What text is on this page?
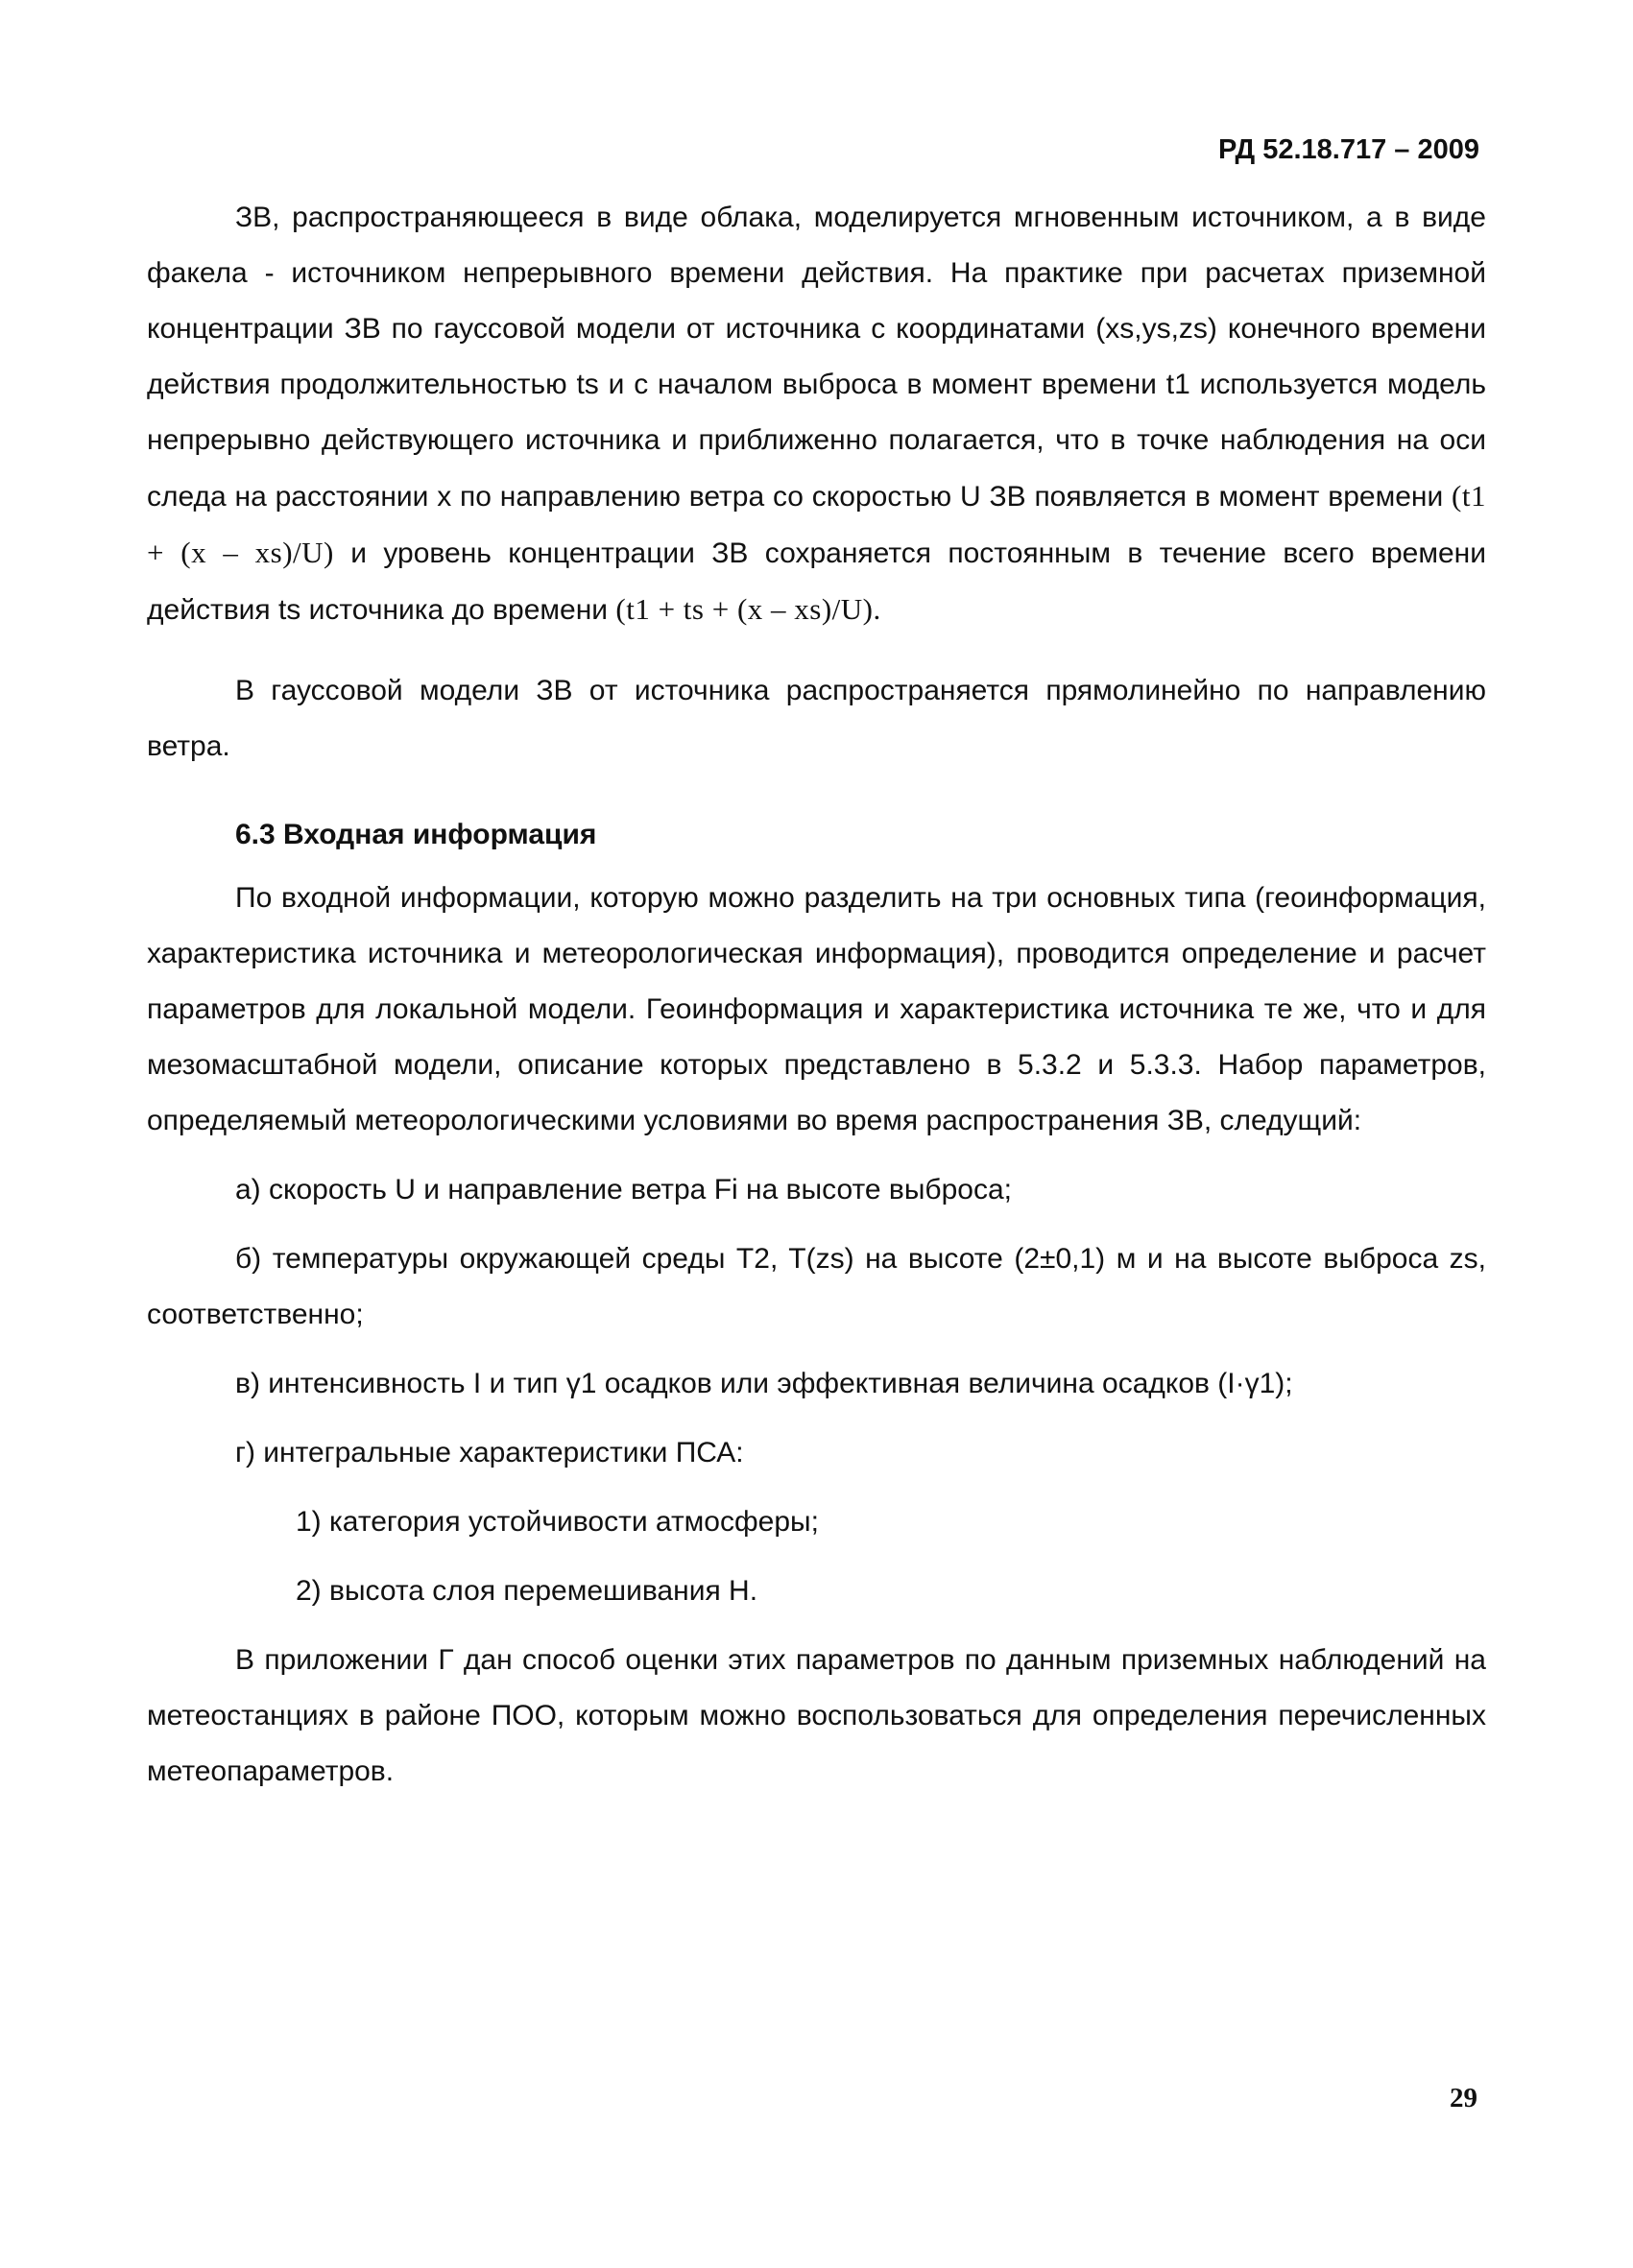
РД 52.18.717 – 2009

ЗВ, распространяющееся в виде облака, моделируется мгновенным источником, а в виде факела - источником непрерывного времени действия. На практике при расчетах приземной концентрации ЗВ по гауссовой модели от источника с координатами (xs,ys,zs) конечного времени действия продолжительностью ts и с началом выброса в момент времени t1 используется модель непрерывно действующего источника и приближенно полагается, что в точке наблюдения на оси следа на расстоянии x по направлению ветра со скоростью U ЗВ появляется в момент времени (t1 + (x – xs)/U) и уровень концентрации ЗВ сохраняется постоянным в течение всего времени действия ts источника до времени (t1 + ts + (x – xs)/U).

В гауссовой модели ЗВ от источника распространяется прямолинейно по направлению ветра.

6.3 Входная информация

По входной информации, которую можно разделить на три основных типа (геоинформация, характеристика источника и метеорологическая информация), проводится определение и расчет параметров для локальной модели. Геоинформация и характеристика источника те же, что и для мезомасштабной модели, описание которых представлено в 5.3.2 и 5.3.3. Набор параметров, определяемый метеорологическими условиями во время распространения ЗВ, следущий:

а) скорость U и направление ветра Fi на высоте выброса;

б) температуры окружающей среды T2, T(zs) на высоте (2±0,1) м и на высоте выброса zs, соответственно;

в) интенсивность I и тип γ1 осадков или эффективная величина осадков (I·γ1);

г) интегральные характеристики ПСА:

1) категория устойчивости атмосферы;

2) высота слоя перемешивания Н.

В приложении Г дан способ оценки этих параметров по данным приземных наблюдений на метеостанциях в районе ПОО, которым можно воспользоваться для определения перечисленных метеопараметров.

29
